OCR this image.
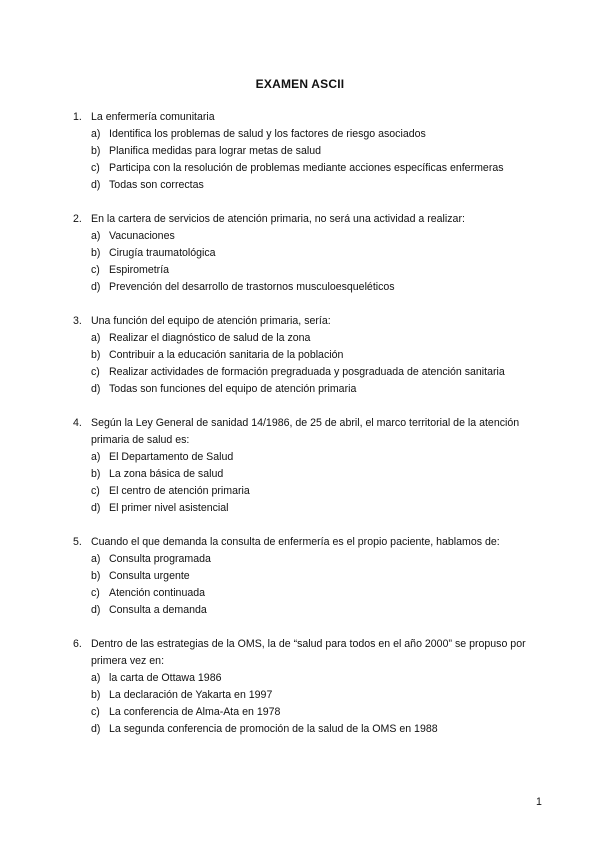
EXAMEN ASCII
1. La enfermería comunitaria
a) Identifica los problemas de salud y los factores de riesgo asociados
b) Planifica medidas para lograr metas de salud
c) Participa con la resolución de problemas mediante acciones específicas enfermeras
d) Todas son correctas
2. En la cartera de servicios de atención primaria, no será una actividad a realizar:
a) Vacunaciones
b) Cirugía traumatológica
c) Espirometría
d) Prevención del desarrollo de trastornos musculoesqueléticos
3. Una función del equipo de atención primaria, sería:
a) Realizar el diagnóstico de salud de la zona
b) Contribuir a la educación sanitaria de la población
c) Realizar actividades de formación pregraduada y posgraduada de atención sanitaria
d) Todas son funciones del equipo de atención primaria
4. Según la Ley General de sanidad 14/1986, de 25 de abril, el marco territorial de la atención primaria de salud es:
a) El Departamento de Salud
b) La zona básica de salud
c) El centro de atención primaria
d) El primer nivel asistencial
5. Cuando el que demanda la consulta de enfermería es el propio paciente, hablamos de:
a) Consulta programada
b) Consulta urgente
c) Atención continuada
d) Consulta a demanda
6. Dentro de las estrategias de la OMS, la de “salud para todos en el año 2000” se propuso por primera vez en:
a) la carta de Ottawa 1986
b) La declaración de Yakarta en 1997
c) La conferencia de Alma-Ata en 1978
d) La segunda conferencia de promoción de la salud de la OMS en 1988
1
